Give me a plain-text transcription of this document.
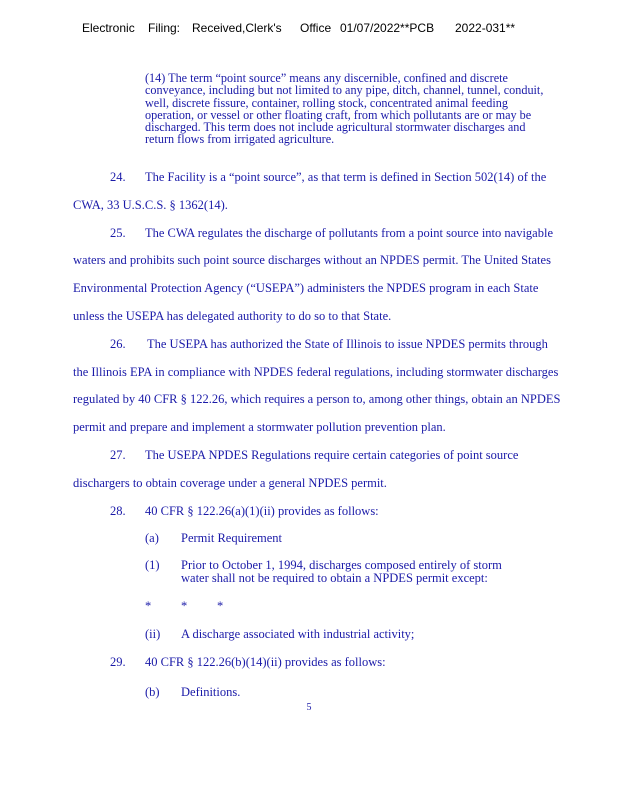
Electronic Filing: Received,Clerk's Office 01/07/2022**PCB 2022-031**
(14) The term “point source” means any discernible, confined and discrete
conveyance, including but not limited to any pipe, ditch, channel, tunnel, conduit,
well, discrete fissure, container, rolling stock, concentrated animal feeding
operation, or vessel or other floating craft, from which pollutants are or may be
discharged. This term does not include agricultural stormwater discharges and
return flows from irrigated agriculture.
24. The Facility is a “point source”, as that term is defined in Section 502(14) of the
CWA, 33 U.S.C.S. § 1362(14).
25. The CWA regulates the discharge of pollutants from a point source into navigable
waters and prohibits such point source discharges without an NPDES permit. The United States
Environmental Protection Agency (“USEPA”) administers the NPDES program in each State
unless the USEPA has delegated authority to do so to that State.
26. The USEPA has authorized the State of Illinois to issue NPDES permits through
the Illinois EPA in compliance with NPDES federal regulations, including stormwater discharges
regulated by 40 CFR § 122.26, which requires a person to, among other things, obtain an NPDES
permit and prepare and implement a stormwater pollution prevention plan.
27. The USEPA NPDES Regulations require certain categories of point source
dischargers to obtain coverage under a general NPDES permit.
28. 40 CFR § 122.26(a)(1)(ii) provides as follows:
(a) Permit Requirement
(1) Prior to October 1, 1994, discharges composed entirely of storm
water shall not be required to obtain a NPDES permit except:
* * *
(ii) A discharge associated with industrial activity;
29. 40 CFR § 122.26(b)(14)(ii) provides as follows:
(b) Definitions.
5
